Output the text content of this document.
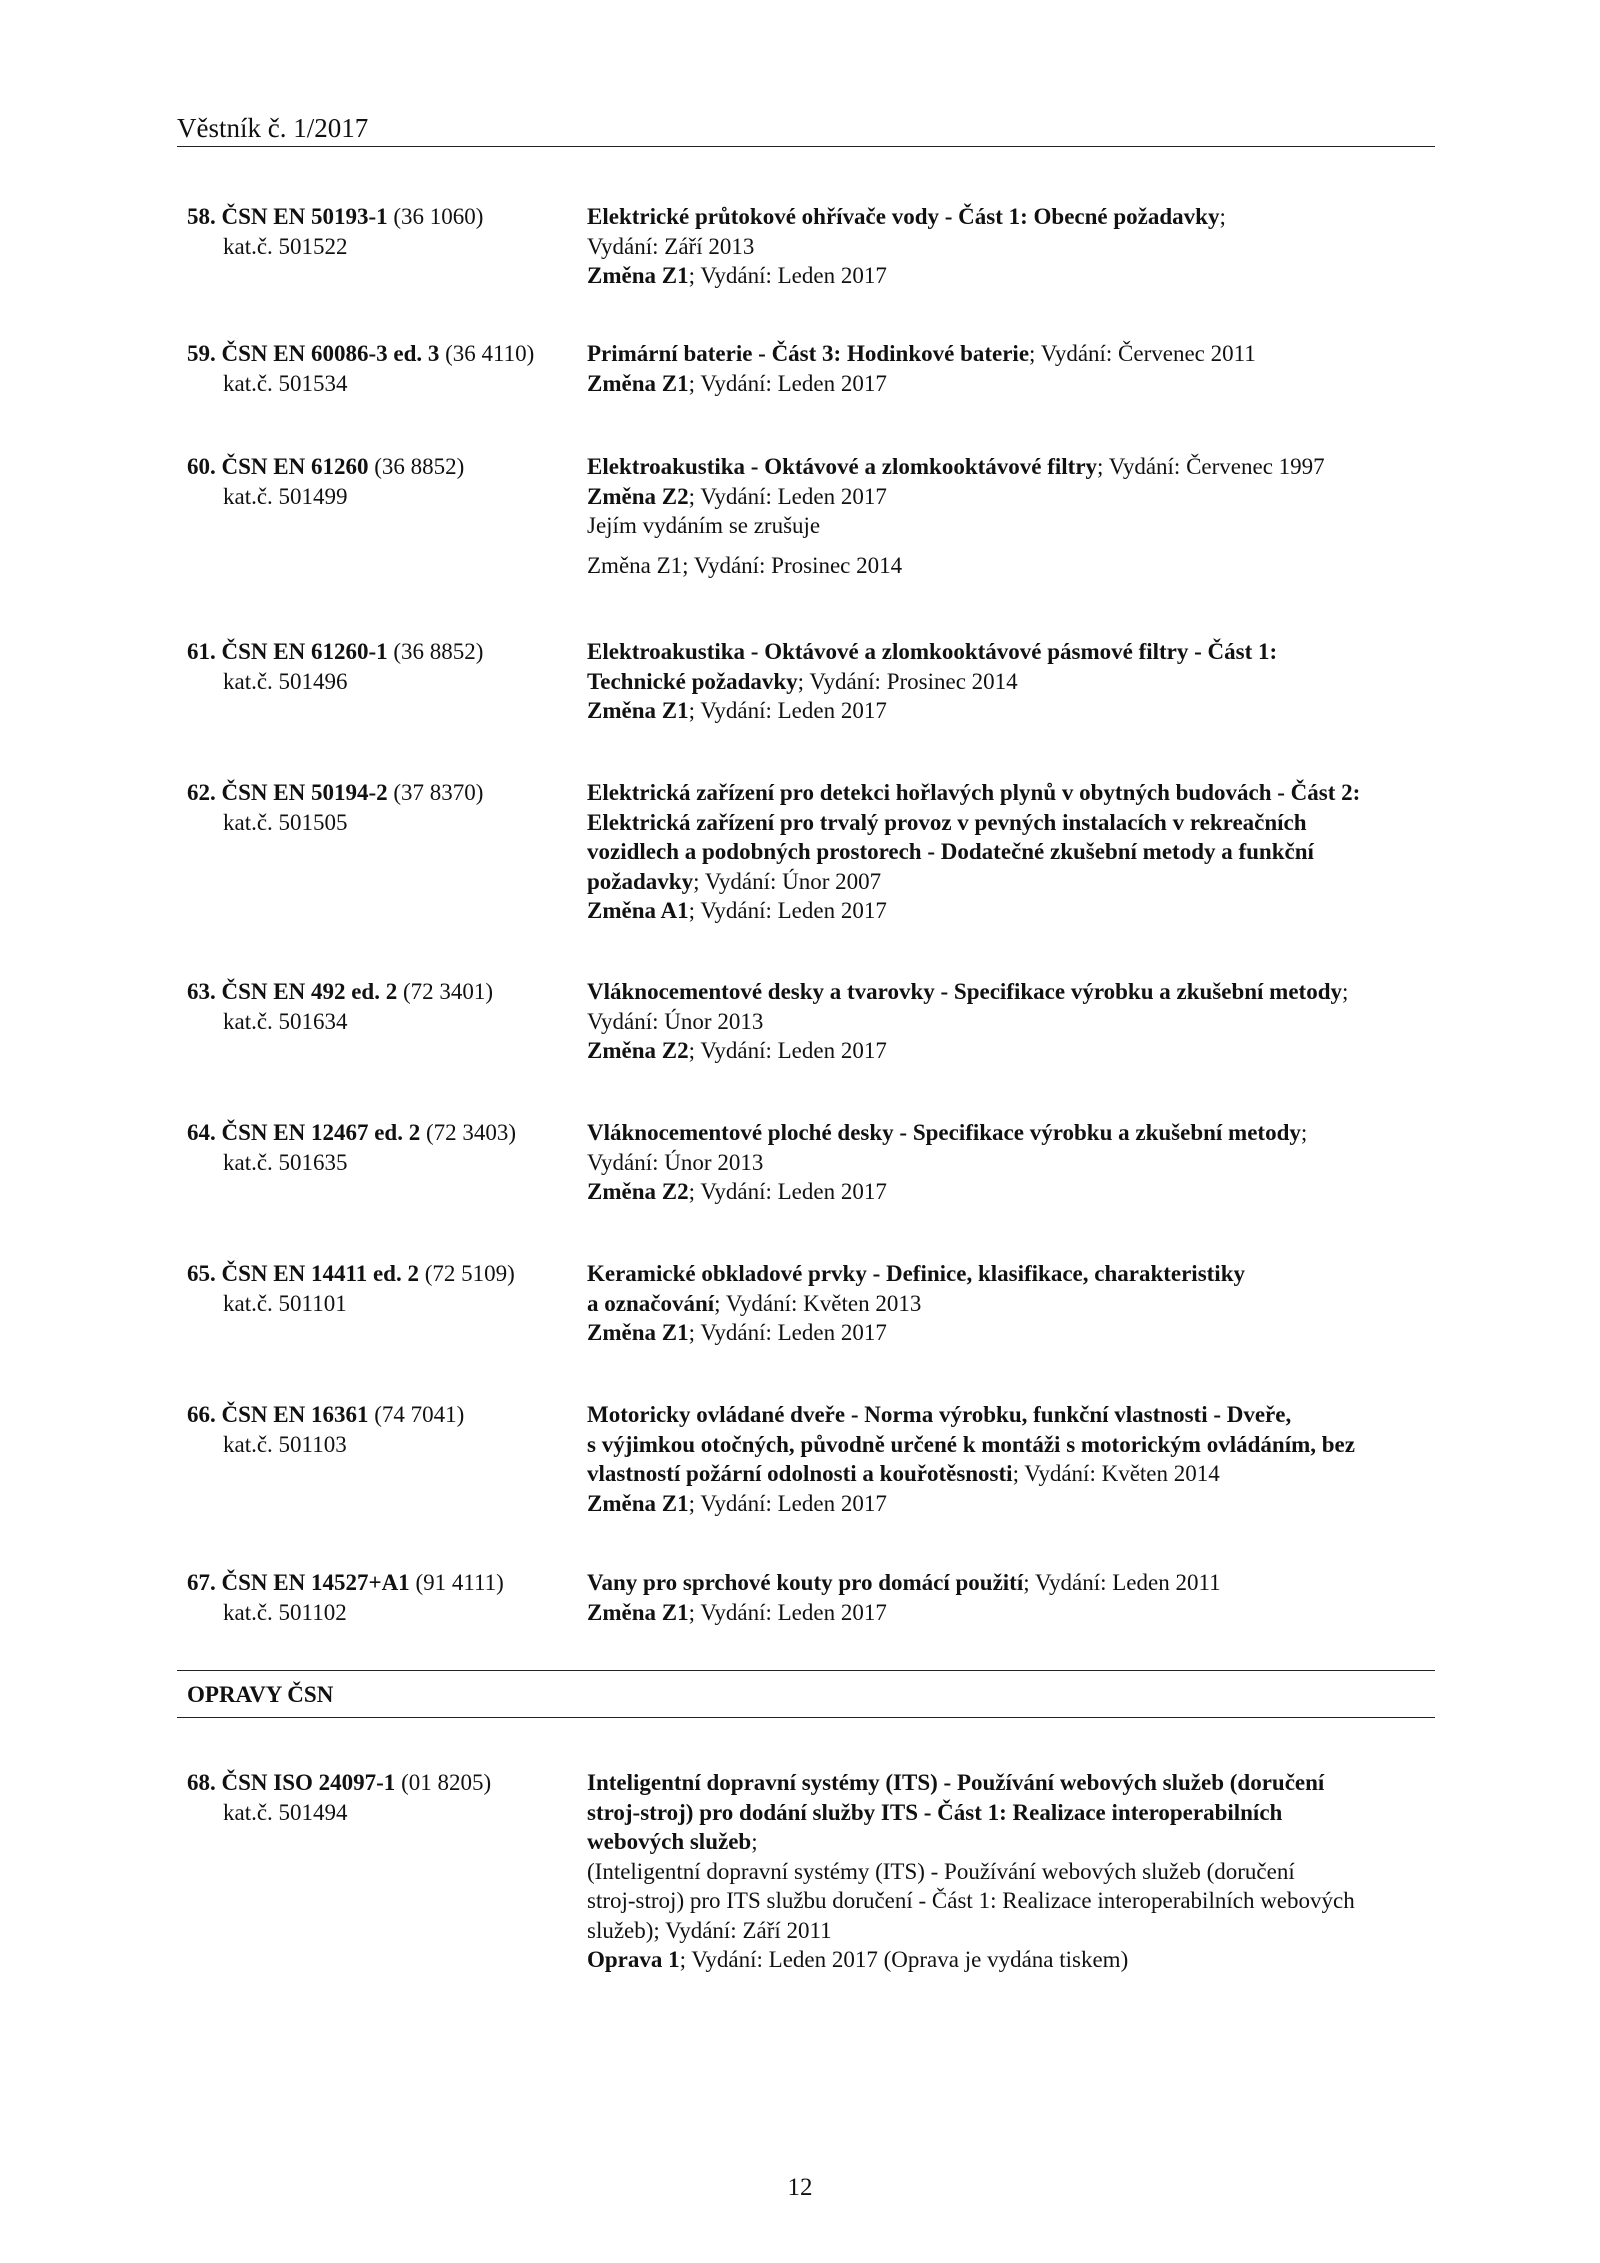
Věstník č. 1/2017
58. ČSN EN 50193-1 (36 1060)
kat.č. 501522
Elektrické průtokové ohřívače vody - Část 1: Obecné požadavky;
Vydání: Září 2013
Změna Z1; Vydání: Leden 2017
59. ČSN EN 60086-3 ed. 3 (36 4110)
kat.č. 501534
Primární baterie - Část 3: Hodinkové baterie; Vydání: Červenec 2011
Změna Z1; Vydání: Leden 2017
60. ČSN EN 61260 (36 8852)
kat.č. 501499
Elektroakustika - Oktávové a zlomkooktávové filtry; Vydání: Červenec 1997
Změna Z2; Vydání: Leden 2017
Jejím vydáním se zrušuje
Změna Z1; Vydání: Prosinec 2014
61. ČSN EN 61260-1 (36 8852)
kat.č. 501496
Elektroakustika - Oktávové a zlomkooktávové pásmové filtry - Část 1:
Technické požadavky; Vydání: Prosinec 2014
Změna Z1; Vydání: Leden 2017
62. ČSN EN 50194-2 (37 8370)
kat.č. 501505
Elektrická zařízení pro detekci hořlavých plynů v obytných budovách - Část 2:
Elektrická zařízení pro trvalý provoz v pevných instalacích v rekreačních
vozidlech a podobných prostorech - Dodatečné zkušební metody a funkční
požadavky; Vydání: Únor 2007
Změna A1; Vydání: Leden 2017
63. ČSN EN 492 ed. 2 (72 3401)
kat.č. 501634
Vláknocementové desky a tvarovky - Specifikace výrobku a zkušební metody;
Vydání: Únor 2013
Změna Z2; Vydání: Leden 2017
64. ČSN EN 12467 ed. 2 (72 3403)
kat.č. 501635
Vláknocementové ploché desky - Specifikace výrobku a zkušební metody;
Vydání: Únor 2013
Změna Z2; Vydání: Leden 2017
65. ČSN EN 14411 ed. 2 (72 5109)
kat.č. 501101
Keramické obkladové prvky - Definice, klasifikace, charakteristiky
a označování; Vydání: Květen 2013
Změna Z1; Vydání: Leden 2017
66. ČSN EN 16361 (74 7041)
kat.č. 501103
Motoricky ovládané dveře - Norma výrobku, funkční vlastnosti - Dveře,
s výjimkou otočných, původně určené k montáži s motorickým ovládáním, bez
vlastností požární odolnosti a kouřotěsnosti; Vydání: Květen 2014
Změna Z1; Vydání: Leden 2017
67. ČSN EN 14527+A1 (91 4111)
kat.č. 501102
Vany pro sprchové kouty pro domácí použití; Vydání: Leden 2011
Změna Z1; Vydání: Leden 2017
OPRAVY ČSN
68. ČSN ISO 24097-1 (01 8205)
kat.č. 501494
Inteligentní dopravní systémy (ITS) - Používání webových služeb (doručení
stroj-stroj) pro dodání služby ITS - Část 1: Realizace interoperabilních
webových služeb;
(Inteligentní dopravní systémy (ITS) - Používání webových služeb (doručení
stroj-stroj) pro ITS službu doručení - Část 1: Realizace interoperabilních webových
služeb); Vydání: Září 2011
Oprava 1; Vydání: Leden 2017 (Oprava je vydána tiskem)
12
